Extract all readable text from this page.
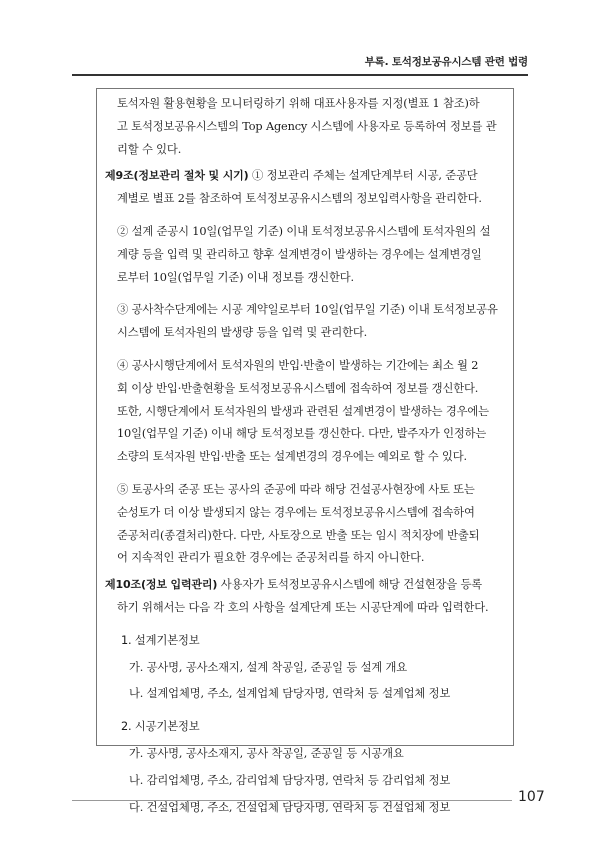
부록. 토석정보공유시스템 관련 법령

토석자원 활용현황을 모니터링하기 위해 대표사용자를 지정(별표 1 참조)하

고 토석정보공유시스템의 Top Agency 시스템에 사용자로 등록하여 정보를 관

리할 수 있다.

제9조(정보관리 절차 및 시기) ① 정보관리 주체는 설계단계부터 시공, 준공단

계별로 별표 2를 참조하여 토석정보공유시스템의 정보입력사항을 관리한다.

② 설계 준공시 10일(업무일 기준) 이내 토석정보공유시스템에 토석자원의 설

계량 등을 입력 및 관리하고 향후 설계변경이 발생하는 경우에는 설계변경일

로부터 10일(업무일 기준) 이내 정보를 갱신한다.

③ 공사착수단계에는 시공 계약일로부터 10일(업무일 기준) 이내 토석정보공유

시스템에 토석자원의 발생량 등을 입력 및 관리한다.

④ 공사시행단계에서 토석자원의 반입·반출이 발생하는 기간에는 최소 월 2

회 이상 반입·반출현황을 토석정보공유시스템에 접속하여 정보를 갱신한다.

또한, 시행단계에서 토석자원의 발생과 관련된 설계변경이 발생하는 경우에는

10일(업무일 기준) 이내 해당 토석정보를 갱신한다. 다만, 발주자가 인정하는

소량의 토석자원 반입·반출 또는 설계변경의 경우에는 예외로 할 수 있다.

⑤ 토공사의 준공 또는 공사의 준공에 따라 해당 건설공사현장에 사토 또는

순성토가 더 이상 발생되지 않는 경우에는 토석정보공유시스템에 접속하여

준공처리(종결처리)한다. 다만, 사토장으로 반출 또는 임시 적치장에 반출되

어 지속적인 관리가 필요한 경우에는 준공처리를 하지 아니한다.

제10조(정보 입력관리) 사용자가 토석정보공유시스템에 해당 건설현장을 등록

하기 위해서는 다음 각 호의 사항을 설계단계 또는 시공단계에 따라 입력한다.

1. 설계기본정보

가. 공사명, 공사소재지, 설계 착공일, 준공일 등 설계 개요

나. 설계업체명, 주소, 설계업체 담당자명, 연락처 등 설계업체 정보

2. 시공기본정보

가. 공사명, 공사소재지, 공사 착공일, 준공일 등 시공개요

나. 감리업체명, 주소, 감리업체 담당자명, 연락처 등 감리업체 정보

다. 건설업체명, 주소, 건설업체 담당자명, 연락처 등 건설업체 정보

107
